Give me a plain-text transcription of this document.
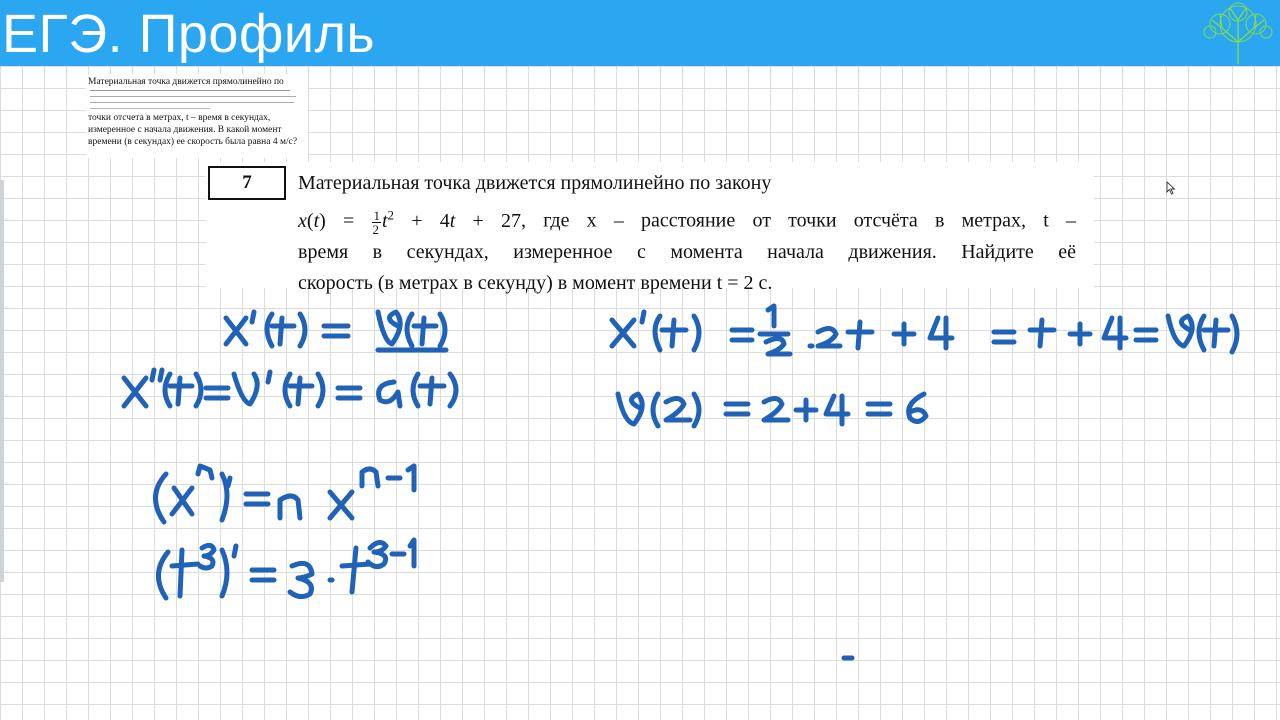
ЕГЭ. Профиль
Материальная точка движется прямолинейно по
точки отсчета в метрах, t – время в секундах,
измеренное с начала движения. В какой момент
времени (в секундах) ее скорость была равна 4 м/с?
7	Материальная точка движется прямолинейно по закону
$x(t) = \frac{1}{2} t^2 + 4t + 27$, где x – расстояние от точки отсчёта в метрах, t –
время в секундах, измеренное с момента начала движения. Найдите её
скорость (в метрах в секунду) в момент времени t = 2 с.
